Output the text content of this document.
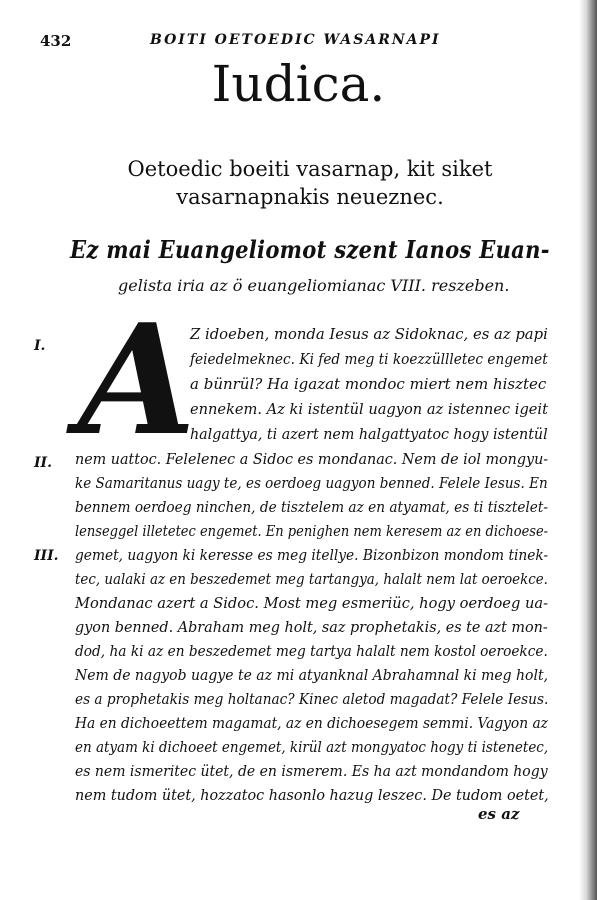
432	BOITI OETOEDIC WASARNAPI
Iudica.
Oetoedic boeiti vasarnap, kit siket vasarnapnakis neueznec.
Ez mai Euangeliomot szent Ianos Euan-
gelista iria az ö euangeliomianac VIII. reszeben.
I.
II.
III.
A
Z idoeben, monda Iesus az Sidoknac, es az papi
feiedelmeknec. Ki fed meg ti koezzüllletec engemet
a bünrül? Ha igazat mondoc miert nem hisztec
ennekem. Az ki istentül uagyon az istennec igeit
halgattya, ti azert nem halgattyatoc hogy istentül
nem uattoc. Felelenec a Sidoc es mondanac. Nem de iol mongyu-
ke Samaritanus uagy te, es oerdoeg uagyon benned. Felele Iesus. En
bennem oerdoeg ninchen, de tisztelem az en atyamat, es ti tisztelet-
lenseggel illetetec engemet. En penighen nem keresem az en dichoese-
gemet, uagyon ki keresse es meg itellye. Bizonbizon mondom tinek-
tec, ualaki az en beszedemet meg tartangya, halalt nem lat oeroekce.
Mondanac azert a Sidoc. Most meg esmeriüc, hogy oerdoeg ua-
gyon benned. Abraham meg holt, saz prophetakis, es te azt mon-
dod, ha ki az en beszedemet meg tartya halalt nem kostol oeroekce.
Nem de nagyob uagye te az mi atyanknal Abrahamnal ki meg holt,
es a prophetakis meg holtanac? Kinec aletod magadat? Felele Iesus.
Ha en dichoeettem magamat, az en dichoesegem semmi. Vagyon az
en atyam ki dichoeet engemet, kirül azt mongyatoc hogy ti istenetec,
es nem ismeritec ütet, de en ismerem. Es ha azt mondandom hogy
nem tudom ütet, hozzatoc hasonlo hazug leszec. De tudom oetet,
es az
